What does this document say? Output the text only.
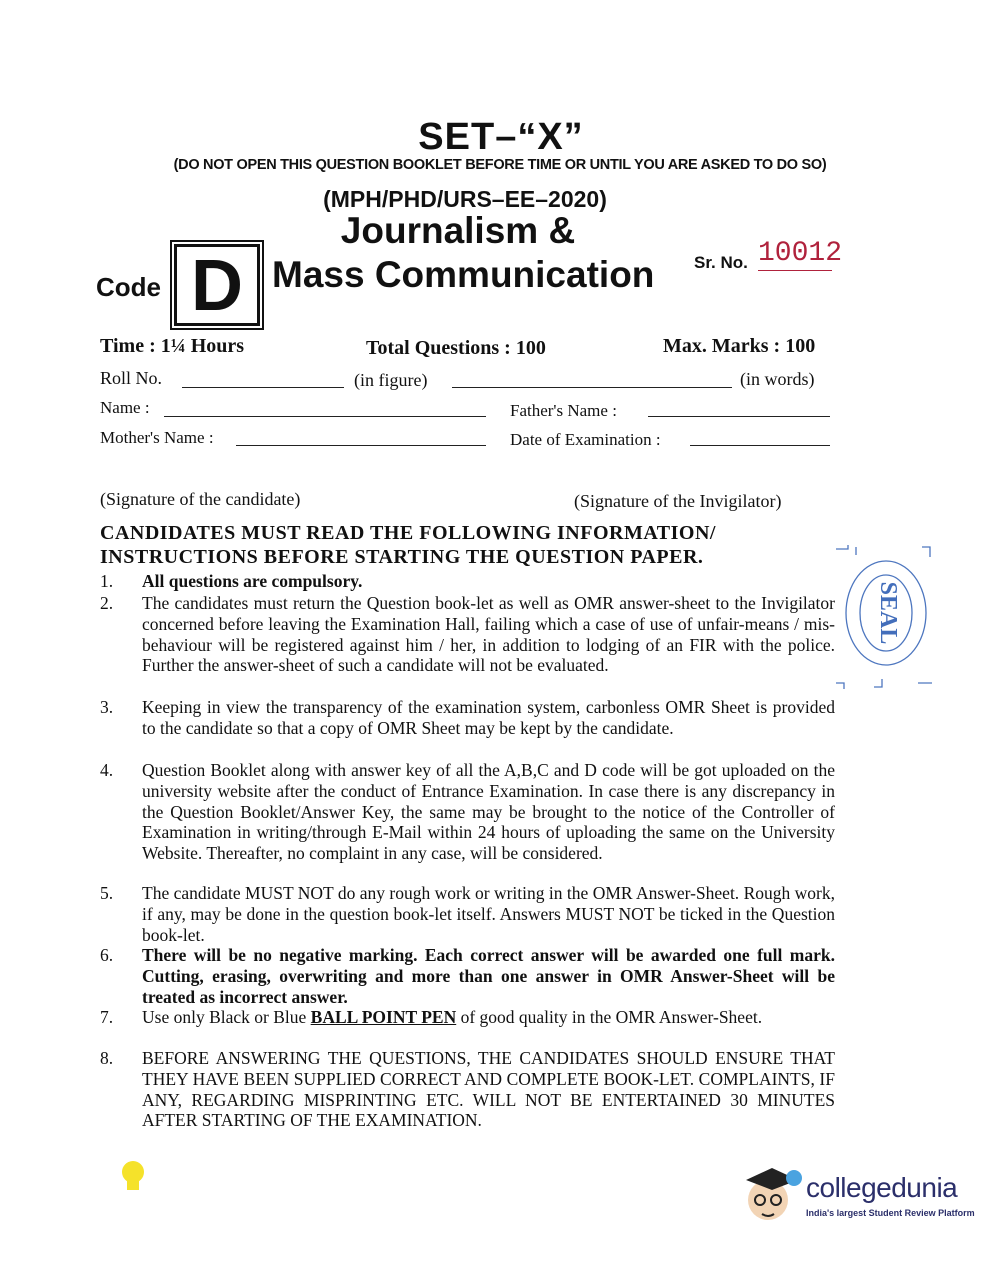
SET–“X”
(DO NOT OPEN THIS QUESTION BOOKLET BEFORE TIME OR UNTIL YOU ARE ASKED TO DO SO)
(MPH/PHD/URS–EE–2020)
Journalism &
Code D Mass Communication Sr. No. 10012
Time : 1¼ Hours	Total Questions : 100	Max. Marks : 100
Roll No.	(in figure)	(in words)
Name :	Father's Name :
Mother's Name :	Date of Examination :
(Signature of the candidate)	(Signature of the Invigilator)
CANDIDATES MUST READ THE FOLLOWING INFORMATION/
INSTRUCTIONS BEFORE STARTING THE QUESTION PAPER.
1.	All questions are compulsory.
2.	The candidates must return the Question book-let as well as OMR answer-sheet to the Invigilator concerned before leaving the Examination Hall, failing which a case of use of unfair-means / mis-behaviour will be registered against him / her, in addition to lodging of an FIR with the police. Further the answer-sheet of such a candidate will not be evaluated.
3.	Keeping in view the transparency of the examination system, carbonless OMR Sheet is provided to the candidate so that a copy of OMR Sheet may be kept by the candidate.
4.	Question Booklet along with answer key of all the A,B,C and D code will be got uploaded on the university website after the conduct of Entrance Examination. In case there is any discrepancy in the Question Booklet/Answer Key, the same may be brought to the notice of the Controller of Examination in writing/through E-Mail within 24 hours of uploading the same on the University Website. Thereafter, no complaint in any case, will be considered.
5.	The candidate MUST NOT do any rough work or writing in the OMR Answer-Sheet. Rough work, if any, may be done in the question book-let itself. Answers MUST NOT be ticked in the Question book-let.
6.	There will be no negative marking. Each correct answer will be awarded one full mark. Cutting, erasing, overwriting and more than one answer in OMR Answer-Sheet will be treated as incorrect answer.
7.	Use only Black or Blue BALL POINT PEN of good quality in the OMR Answer-Sheet.
8.	BEFORE ANSWERING THE QUESTIONS, THE CANDIDATES SHOULD ENSURE THAT THEY HAVE BEEN SUPPLIED CORRECT AND COMPLETE BOOK-LET. COMPLAINTS, IF ANY, REGARDING MISPRINTING ETC. WILL NOT BE ENTERTAINED 30 MINUTES AFTER STARTING OF THE EXAMINATION.
SEAL
collegedunia
India's largest Student Review Platform
